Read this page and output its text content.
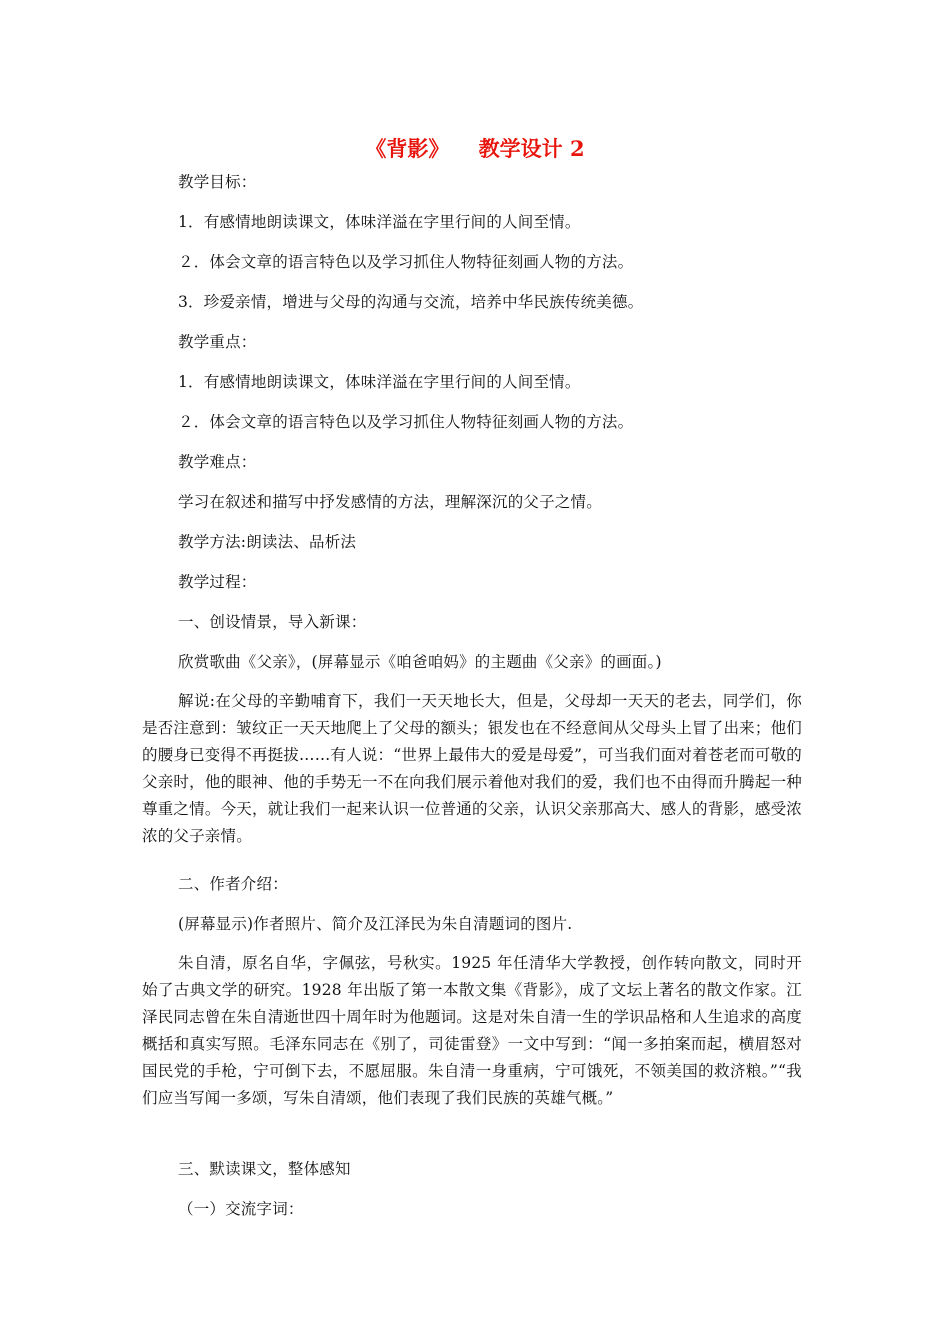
《背影》    教学设计 2
教学目标：
1．有感情地朗读课文，体味洋溢在字里行间的人间至情。
２．体会文章的语言特色以及学习抓住人物特征刻画人物的方法。
3．珍爱亲情，增进与父母的沟通与交流，培养中华民族传统美德。
教学重点：
1．有感情地朗读课文，体味洋溢在字里行间的人间至情。
２．体会文章的语言特色以及学习抓住人物特征刻画人物的方法。
教学难点：
学习在叙述和描写中抒发感情的方法，理解深沉的父子之情。
教学方法:朗读法、品析法
教学过程：
一、创设情景，导入新课：
欣赏歌曲《父亲》，(屏幕显示《咱爸咱妈》的主题曲《父亲》的画面。)
解说:在父母的辛勤哺育下，我们一天天地长大，但是，父母却一天天的老去，同学们，你是否注意到：皱纹正一天天地爬上了父母的额头；银发也在不经意间从父母头上冒了出来；他们的腰身已变得不再挺拔……有人说：“世界上最伟大的爱是母爱”，可当我们面对着苍老而可敬的父亲时，他的眼神、他的手势无一不在向我们展示着他对我们的爱，我们也不由得而升腾起一种尊重之情。今天，就让我们一起来认识一位普通的父亲，认识父亲那高大、感人的背影，感受浓浓的父子亲情。
二、作者介绍：
(屏幕显示)作者照片、简介及江泽民为朱自清题词的图片.
朱自清，原名自华，字佩弦，号秋实。1925 年任清华大学教授，创作转向散文，同时开始了古典文学的研究。1928 年出版了第一本散文集《背影》，成了文坛上著名的散文作家。江泽民同志曾在朱自清逝世四十周年时为他题词。这是对朱自清一生的学识品格和人生追求的高度概括和真实写照。毛泽东同志在《别了，司徒雷登》一文中写到：“闻一多拍案而起，横眉怒对国民党的手枪，宁可倒下去，不愿屈服。朱自清一身重病，宁可饿死，不领美国的救济粮。”“我们应当写闻一多颂，写朱自清颂，他们表现了我们民族的英雄气概。”
三、默读课文，整体感知
（一）交流字词：
